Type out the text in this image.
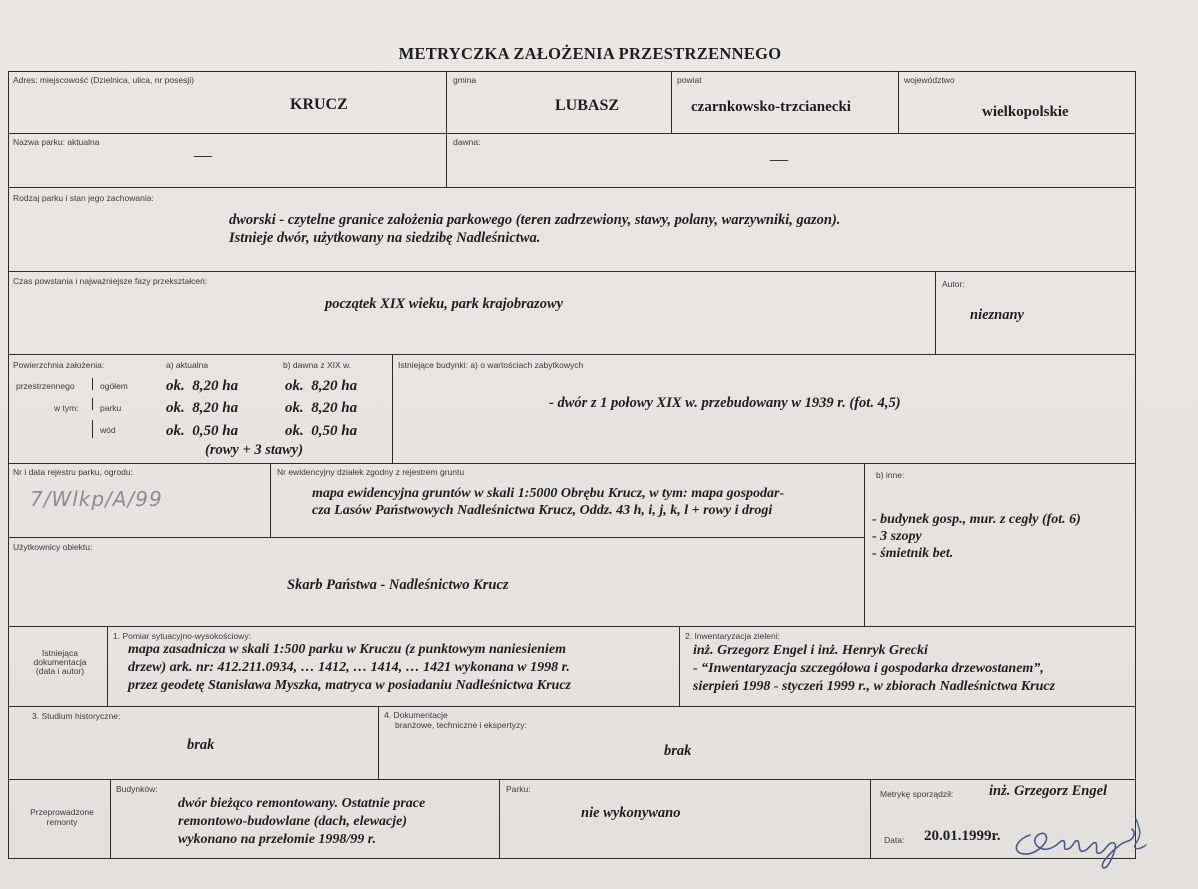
METRYCZKA ZAŁOŻENIA PRZESTRZENNEGO
Adres: miejscowość (Dzielnica, ulica, nr posesji)
KRUCZ
gmina
LUBASZ
powiat
czarnkowsko-trzcianecki
województwo
wielkopolskie
Nazwa parku: aktualna
—
dawna:
—
Rodzaj parku i stan jego zachowania:
dworski - czytelne granice założenia parkowego (teren zadrzewiony, stawy, polany, warzywniki, gazon).
Istnieje dwór, użytkowany na siedzibę Nadleśnictwa.
Czas powstania i najważniejsze fazy przekształceń:
początek XIX wieku, park krajobrazowy
Autor:
nieznany
Powierzchnia założenia:	a) aktualna	b) dawna z XIX w.
przestrzennego
w tym:
ogółem	ok.  8,20 ha	ok.  8,20 ha
parku	ok.  8,20 ha	ok.  8,20 ha
wód	ok.  0,50 ha	ok.  0,50 ha
(rowy + 3 stawy)
Istniejące budynki: a) o wartościach zabytkowych
- dwór z 1 połowy XIX w. przebudowany w 1939 r. (fot. 4,5)
Nr i data rejestru parku, ogrodu:
7/Wlkp/A/99
Nr ewidencyjny działek zgodny z rejestrem gruntu
mapa ewidencyjna gruntów w skali 1:5000 Obrębu Krucz, w tym: mapa gospodar-
cza Lasów Państwowych Nadleśnictwa Krucz, Oddz. 43 h, i, j, k, l + rowy i drogi
b) inne:
- budynek gosp., mur. z cegły (fot. 6)
- 3 szopy
- śmietnik bet.
Użytkownicy obiektu:
Skarb Państwa - Nadleśnictwo Krucz
Istniejąca
dokumentacja
(data i autor)
1. Pomiar sytuacyjno-wysokościowy:
mapa zasadnicza w skali 1:500 parku w Kruczu (z punktowym naniesieniem
drzew) ark. nr: 412.211.0934, … 1412, … 1414, … 1421 wykonana w 1998 r.
przez geodetę Stanisława Myszka, matryca w posiadaniu Nadleśnictwa Krucz
2. Inwentaryzacja zieleni:
inż. Grzegorz Engel i inż. Henryk Grecki
- “Inwentaryzacja szczegółowa i gospodarka drzewostanem”,
sierpień 1998 - styczeń 1999 r., w zbiorach Nadleśnictwa Krucz
3. Studium historyczne:
brak
4. Dokumentacje
branżowe, techniczne i ekspertyzy:
brak
Przeprowadzone
remonty
Budynków:
dwór bieżąco remontowany. Ostatnie prace
remontowo-budowlane (dach, elewacje)
wykonano na przełomie 1998/99 r.
Parku:
nie wykonywano
Metrykę sporządził: inż. Grzegorz Engel
Data: 20.01.1999r.
